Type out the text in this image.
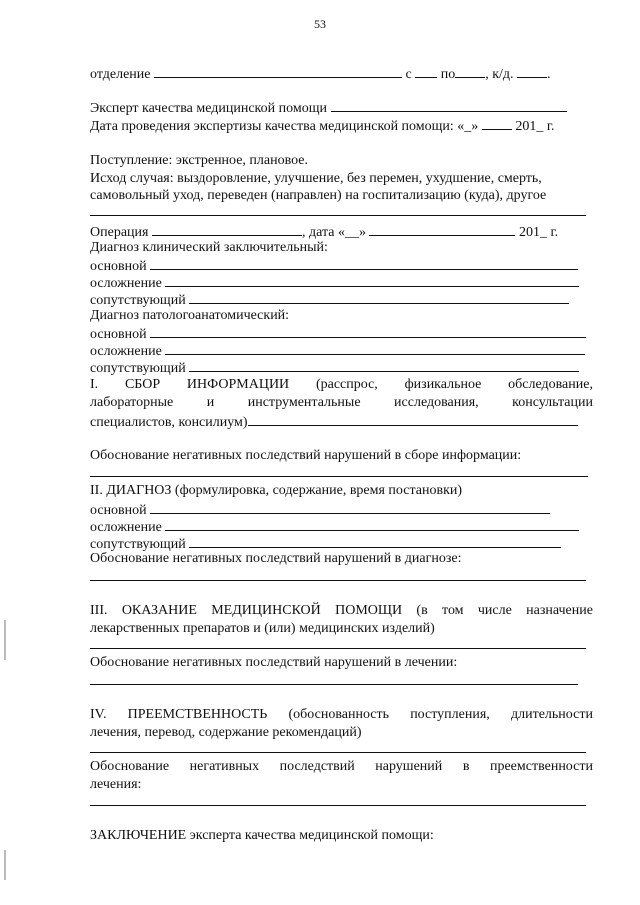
53
отделение	с по , к/д. .
Эксперт качества медицинской помощи
Дата проведения экспертизы качества медицинской помощи: «_»	201_ г.
Поступление: экстренное, плановое.
Исход случая: выздоровление, улучшение, без перемен, ухудшение, смерть,
самовольный уход, переведен (направлен) на госпитализацию (куда), другое
Операция	, дата «__»	201_ г.
Диагноз клинический заключительный:
основной
осложнение
сопутствующий
Диагноз патологоанатомический:
основной
осложнение
сопутствующий
I. СБОР ИНФОРМАЦИИ (расспрос, физикальное обследование,
лабораторные и инструментальные исследования, консультации
специалистов, консилиум)
Обоснование негативных последствий нарушений в сборе информации:
II. ДИАГНОЗ (формулировка, содержание, время постановки)
основной
осложнение
сопутствующий
Обоснование негативных последствий нарушений в диагнозе:
III. ОКАЗАНИЕ МЕДИЦИНСКОЙ ПОМОЩИ (в том числе назначение
лекарственных препаратов и (или) медицинских изделий)
Обоснование негативных последствий нарушений в лечении:
IV. ПРЕЕМСТВЕННОСТЬ (обоснованность поступления, длительности
лечения, перевод, содержание рекомендаций)
Обоснование негативных последствий нарушений в преемственности
лечения:
ЗАКЛЮЧЕНИЕ эксперта качества медицинской помощи:
